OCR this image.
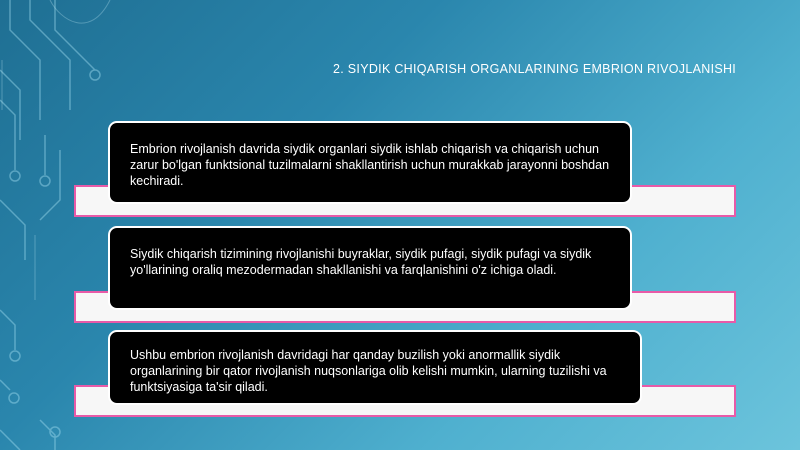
2. SIYDIK CHIQARISH ORGANLARINING EMBRION RIVOJLANISHI
Embrion rivojlanish davrida siydik organlari siydik ishlab chiqarish va chiqarish uchun zarur bo'lgan funktsional tuzilmalarni shakllantirish uchun murakkab jarayonni boshdan kechiradi.
Siydik chiqarish tizimining rivojlanishi buyraklar, siydik pufagi, siydik pufagi va siydik yo'llarining oraliq mezodermadan shakllanishi va farqlanishini o'z ichiga oladi.
Ushbu embrion rivojlanish davridagi har qanday buzilish yoki anormallik siydik organlarining bir qator rivojlanish nuqsonlariga olib kelishi mumkin, ularning tuzilishi va funktsiyasiga ta'sir qiladi.
